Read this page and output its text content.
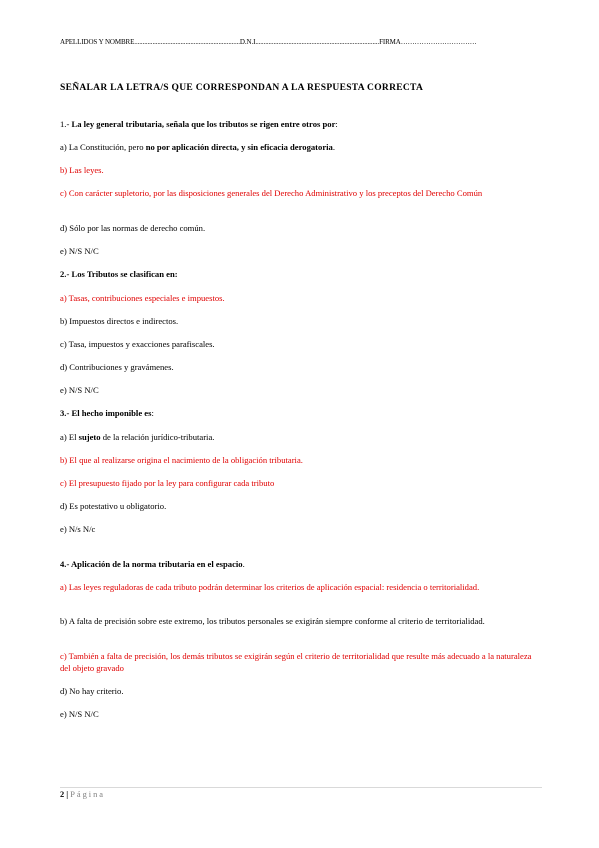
APELLIDOS Y NOMBRE................................................................D.N.I...........................................................................FIRMA……………………………
SEÑALAR LA LETRA/S QUE CORRESPONDAN A LA RESPUESTA CORRECTA
1.- La ley general tributaria, señala que los tributos se rigen entre otros por:
a) La Constitución, pero no por aplicación directa, y sin eficacia derogatoria.
b) Las leyes.
c) Con carácter supletorio, por las disposiciones generales del Derecho Administrativo y los preceptos del Derecho Común
d) Sólo por las normas de derecho común.
e) N/S N/C
2.- Los Tributos se clasifican en:
a) Tasas, contribuciones especiales e impuestos.
b) Impuestos directos e indirectos.
c) Tasa, impuestos y exacciones parafiscales.
d) Contribuciones y gravámenes.
e) N/S N/C
3.- El hecho imponible es:
a) El sujeto de la relación jurídico-tributaria.
b) El que al realizarse origina el nacimiento de la obligación tributaria.
c) El presupuesto fijado por la ley para configurar cada tributo
d) Es potestativo u obligatorio.
e) N/s N/c
4.- Aplicación de la norma tributaria en el espacio.
a) Las leyes reguladoras de cada tributo podrán determinar los criterios de aplicación espacial: residencia o territorialidad.
b) A falta de precisión sobre este extremo, los tributos personales se exigirán siempre conforme al criterio de territorialidad.
c) También a falta de precisión, los demás tributos se exigirán según el criterio de territorialidad que resulte más adecuado a la naturaleza del objeto gravado
d) No hay criterio.
e) N/S N/C
2 | Página
